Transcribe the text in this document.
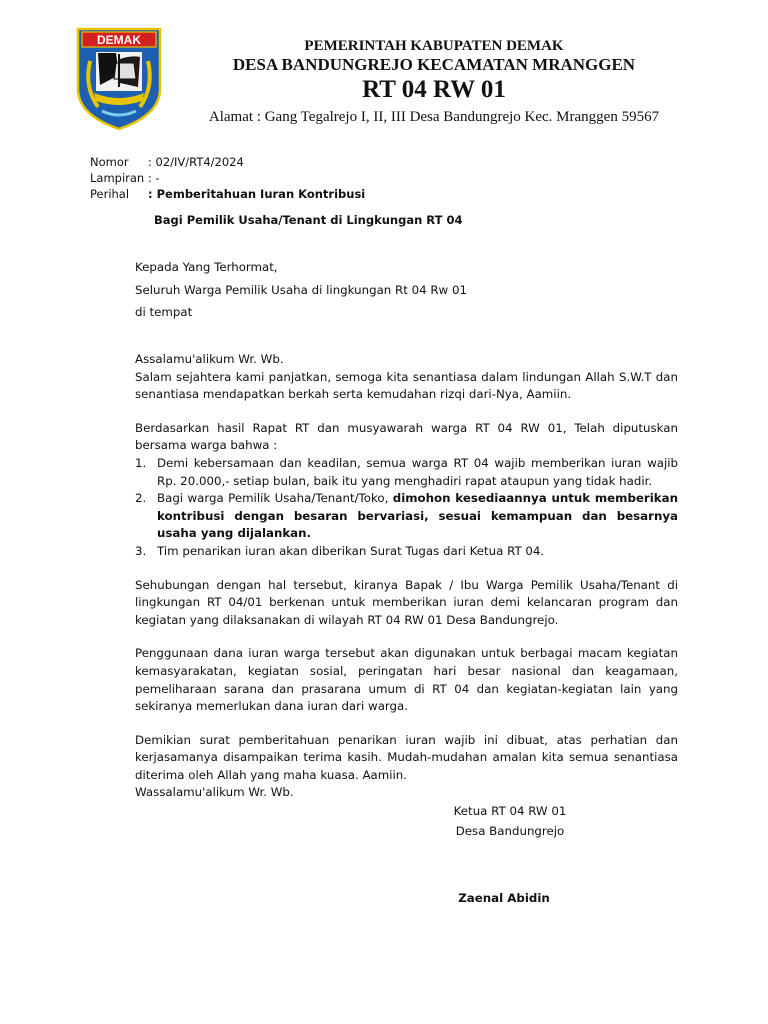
DEMAK	PEMERINTAH KABUPATEN DEMAK
DESA BANDUNGREJO KECAMATAN MRANGGEN
RT 04 RW 01
Alamat : Gang Tegalrejo I, II, III Desa Bandungrejo Kec. Mranggen 59567
Nomor : 02/IV/RT4/2024
Lampiran : -
Perihal : Pemberitahuan Iuran Kontribusi
Bagi Pemilik Usaha/Tenant di Lingkungan RT 04
Kepada Yang Terhormat,
Seluruh Warga Pemilik Usaha di lingkungan Rt 04 Rw 01
di tempat
Assalamu'alikum Wr. Wb.
Salam sejahtera kami panjatkan, semoga kita senantiasa dalam lindungan Allah S.W.T dan senantiasa mendapatkan berkah serta kemudahan rizqi dari-Nya, Aamiin.
Berdasarkan hasil Rapat RT dan musyawarah warga RT 04 RW 01, Telah diputuskan bersama warga bahwa :
1. Demi kebersamaan dan keadilan, semua warga RT 04 wajib memberikan iuran wajib Rp. 20.000,- setiap bulan, baik itu yang menghadiri rapat ataupun yang tidak hadir.
2. Bagi warga Pemilik Usaha/Tenant/Toko, dimohon kesediaannya untuk memberikan kontribusi dengan besaran bervariasi, sesuai kemampuan dan besarnya usaha yang dijalankan.
3. Tim penarikan iuran akan diberikan Surat Tugas dari Ketua RT 04.
Sehubungan dengan hal tersebut, kiranya Bapak / Ibu Warga Pemilik Usaha/Tenant di lingkungan RT 04/01 berkenan untuk memberikan iuran demi kelancaran program dan kegiatan yang dilaksanakan di wilayah RT 04 RW 01 Desa Bandungrejo.
Penggunaan dana iuran warga tersebut akan digunakan untuk berbagai macam kegiatan kemasyarakatan, kegiatan sosial, peringatan hari besar nasional dan keagamaan, pemeliharaan sarana dan prasarana umum di RT 04 dan kegiatan-kegiatan lain yang sekiranya memerlukan dana iuran dari warga.
Demikian surat pemberitahuan penarikan iuran wajib ini dibuat, atas perhatian dan kerjasamanya disampaikan terima kasih. Mudah-mudahan amalan kita semua senantiasa diterima oleh Allah yang maha kuasa. Aamiin.
Wassalamu'alikum Wr. Wb.
Ketua RT 04 RW 01
Desa Bandungrejo
Zaenal Abidin
